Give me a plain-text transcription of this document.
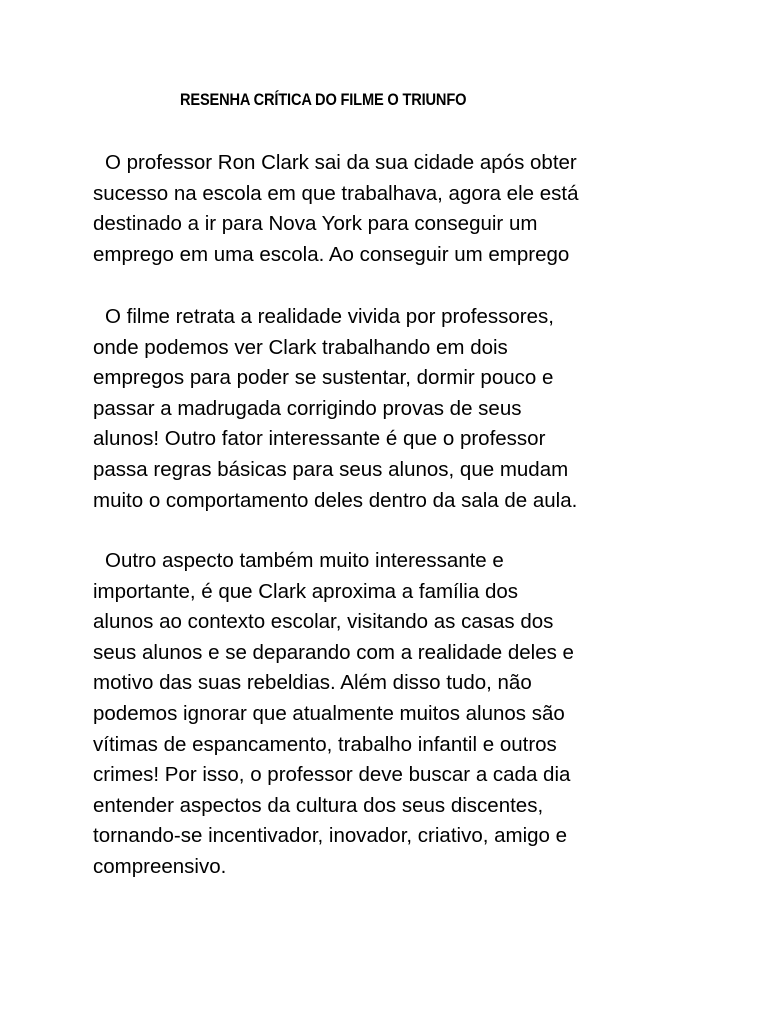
RESENHA CRÍTICA DO FILME O TRIUNFO

O professor Ron Clark sai da sua cidade após obter
sucesso na escola em que trabalhava, agora ele está
destinado a ir para Nova York para conseguir um
emprego em uma escola. Ao conseguir um emprego

O filme retrata a realidade vivida por professores,
onde podemos ver Clark trabalhando em dois
empregos para poder se sustentar, dormir pouco e
passar a madrugada corrigindo provas de seus
alunos! Outro fator interessante é que o professor
passa regras básicas para seus alunos, que mudam
muito o comportamento deles dentro da sala de aula.

Outro aspecto também muito interessante e
importante, é que Clark aproxima a família dos
alunos ao contexto escolar, visitando as casas dos
seus alunos e se deparando com a realidade deles e
motivo das suas rebeldias. Além disso tudo, não
podemos ignorar que atualmente muitos alunos são
vítimas de espancamento, trabalho infantil e outros
crimes! Por isso, o professor deve buscar a cada dia
entender aspectos da cultura dos seus discentes,
tornando-se incentivador, inovador, criativo, amigo e
compreensivo.
